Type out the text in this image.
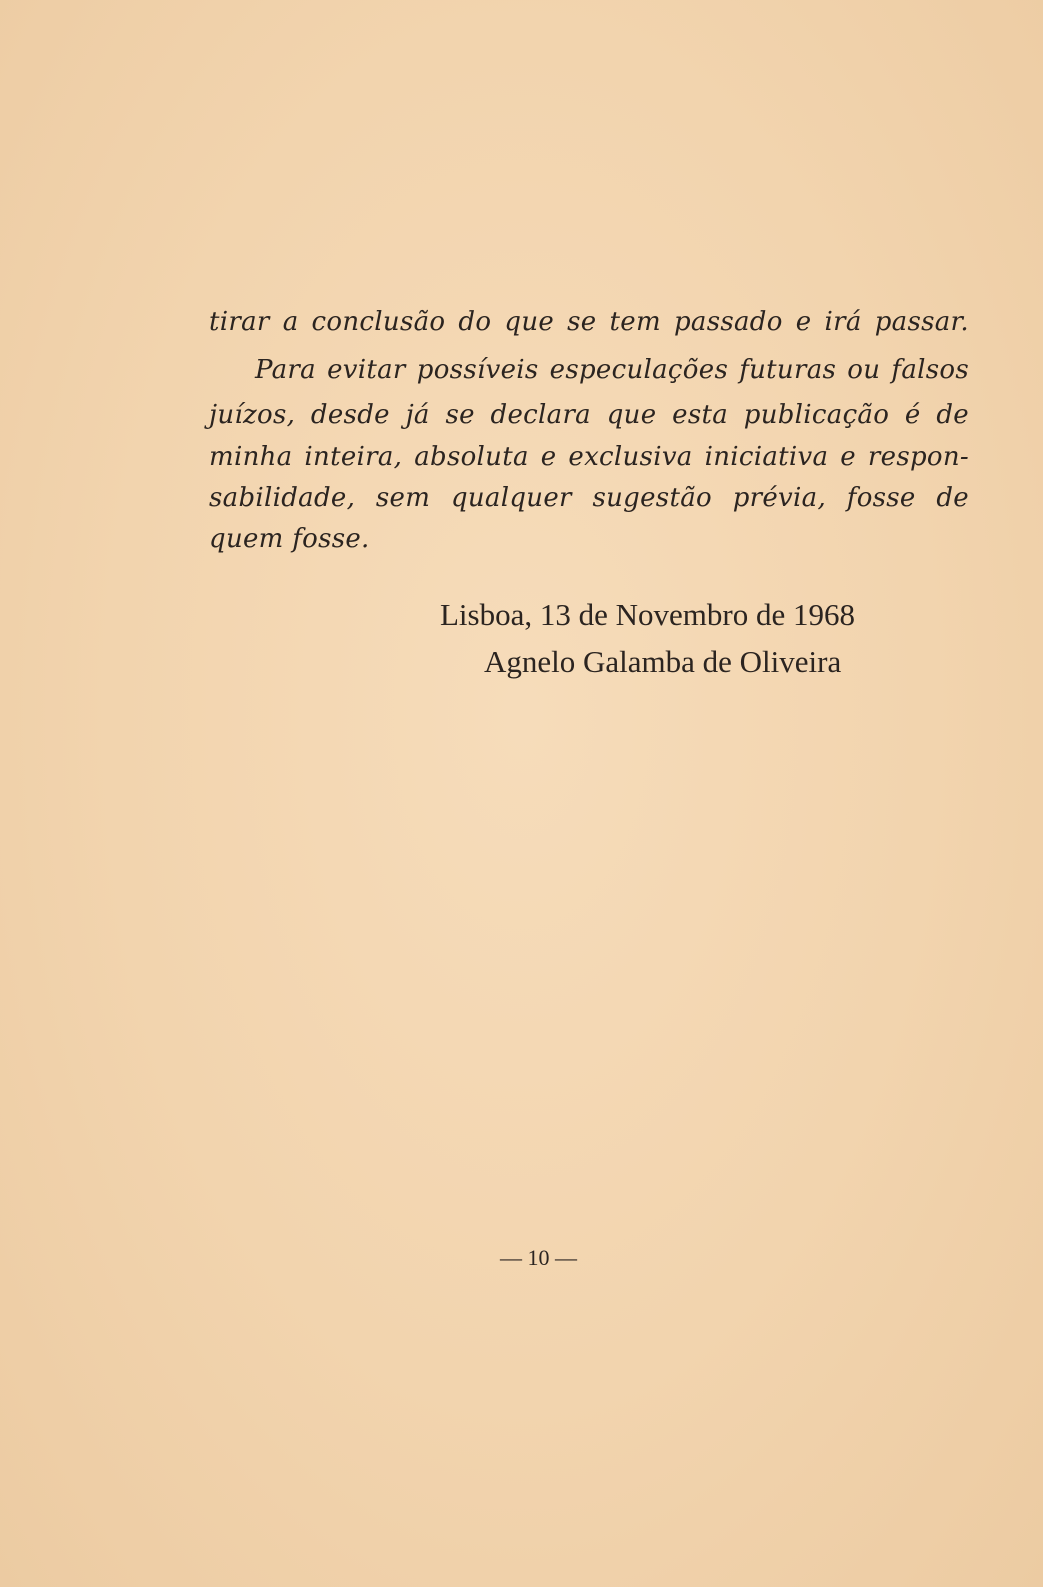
tirar a conclusão do que se tem passado e irá passar.
Para evitar possíveis especulações futuras ou falsos
juízos, desde já se declara que esta publicação é de
minha inteira, absoluta e exclusiva iniciativa e respon-
sabilidade, sem qualquer sugestão prévia, fosse de
quem fosse.
Lisboa, 13 de Novembro de 1968
Agnelo Galamba de Oliveira
— 10 —
